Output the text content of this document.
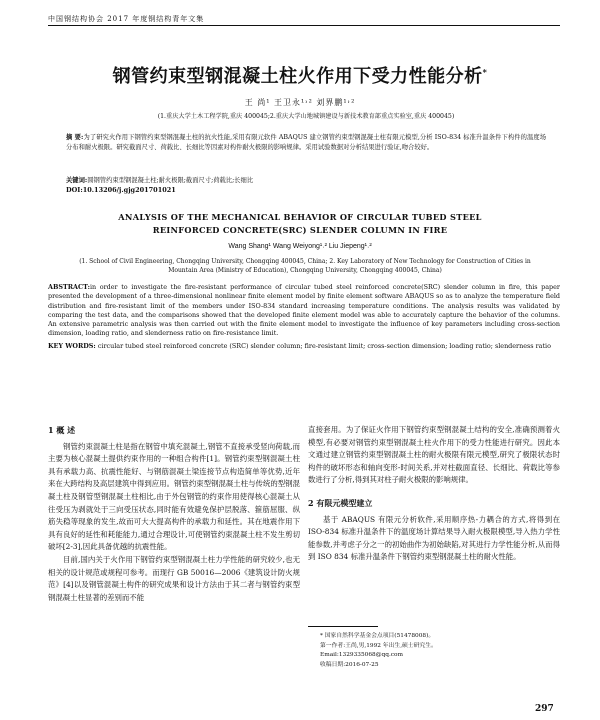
中国钢结构协会 2017 年度钢结构青年文集
钢管约束型钢混凝土柱火作用下受力性能分析*
王 尚¹ 王卫永¹˒² 刘界鹏¹˒²
(1.重庆大学土木工程学院,重庆 400045;2.重庆大学山地城镇建设与新技术教育部重点实验室,重庆 400045)
摘 要:为了研究火作用下钢管约束型钢混凝土柱的抗火性能,采用有限元软件 ABAQUS 建立钢管约束型钢混凝土柱有限元模型,分析 ISO-834 标准升温条件下构件的温度场分布和耐火极限。研究截面尺寸、荷载比、长细比等因素对构件耐火极限的影响规律。采用试验数据对分析结果进行验证,吻合较好。
关键词:圆钢管约束型钢混凝土柱;耐火极限;截面尺寸;荷载比;长细比
DOI:10.13206/j.gjg201701021
ANALYSIS OF THE MECHANICAL BEHAVIOR OF CIRCULAR TUBED STEEL
REINFORCED CONCRETE(SRC) SLENDER COLUMN IN FIRE
Wang Shang¹ Wang Weiyong¹˒² Liu Jiepeng¹˒²
(1. School of Civil Engineering, Chongqing University, Chongqing 400045, China; 2. Key Laboratory of New Technology for Construction of Cities in Mountain Area (Ministry of Education), Chongqing University, Chongqing 400045, China)
ABSTRACT:in order to investigate the fire-resistant performance of circular tubed steel reinforced concrete(SRC) slender column in fire, this paper presented the development of a three-dimensional nonlinear finite element model by finite element software ABAQUS so as to analyze the temperature field distribution and fire-resistant limit of the members under ISO-834 standard increasing temperature conditions. The analysis results was validated by comparing the test data, and the comparisons showed that the developed finite element model was able to accurately capture the behavior of the columns. An extensive parametric analysis was then carried out with the finite element model to investigate the influence of key parameters including cross-section dimension, loading ratio, and slenderness ratio on fire-resistance limit.
KEY WORDS: circular tubed steel reinforced concrete (SRC) slender column; fire-resistant limit; cross-section dimension; loading ratio; slenderness ratio
1 概 述

钢管约束混凝土柱是指在钢管中填充混凝土,钢管不直接承受竖向荷载,而主要为核心混凝土提供约束作用的一种组合构件[1]。钢管约束型钢混凝土柱具有承载力高、抗震性能好、与钢筋混凝土梁连接节点构造简单等优势,近年来在大跨结构及高层建筑中得到应用。钢管约束型钢混凝土柱与传统的型钢混凝土柱及钢管型钢混凝土柱相比,由于外包钢管的约束作用使得核心混凝土从往受压为剥就处于三向受压状态,同时能有效避免保护层脱落、箍筋屈服、纵筋失稳等现象的发生,故而可大大提高构件的承载力和延性。其在地震作用下具有良好的延性和耗能能力,通过合理设计,可使钢管约束混凝土柱不发生剪切破坏[2-3],因此具备优越的抗震性能。

目前,国内关于火作用下钢管约束型钢混凝土柱力学性能的研究较少,也无相关的设计规范或规程可参考。而现行 GB 50016—2006《建筑设计防火规范》[4]以及钢管混凝土构件的研究成果和设计方法由于其二者与钢管约束型钢混凝土柱显著的差别而不能

直接套用。为了保证火作用下钢管约束型钢混凝土结构的安全,准确预测着火模型,有必要对钢管约束型钢混凝土柱火作用下的受力性能进行研究。因此本文通过建立钢管约束型钢混凝土柱的耐火极限有限元模型,研究了极限状态时构件的破坏形态和轴向变形-时间关系,并对柱截面直径、长细比、荷载比等参数进行了分析,得到其对柱子耐火极限的影响规律。

2 有限元模型建立

基于 ABAQUS 有限元分析软件,采用顺序热-力耦合的方式,将得到在 ISO-834 标准升温条件下的温度场计算结果导入耐火极限模型,导入热力学性能参数,并考虑子分之一的初始曲作为初始缺陷,对其进行力学性能分析,从而得到 ISO 834 标准升温条件下钢管约束型钢混凝土柱的耐火性能。

* 国家自然科学基金会点项目(51478008)。

第一作者:王尚,男,1992 年出生,硕士研究生。

Email:1329335068@qq.com

收稿日期:2016-07-25

297
